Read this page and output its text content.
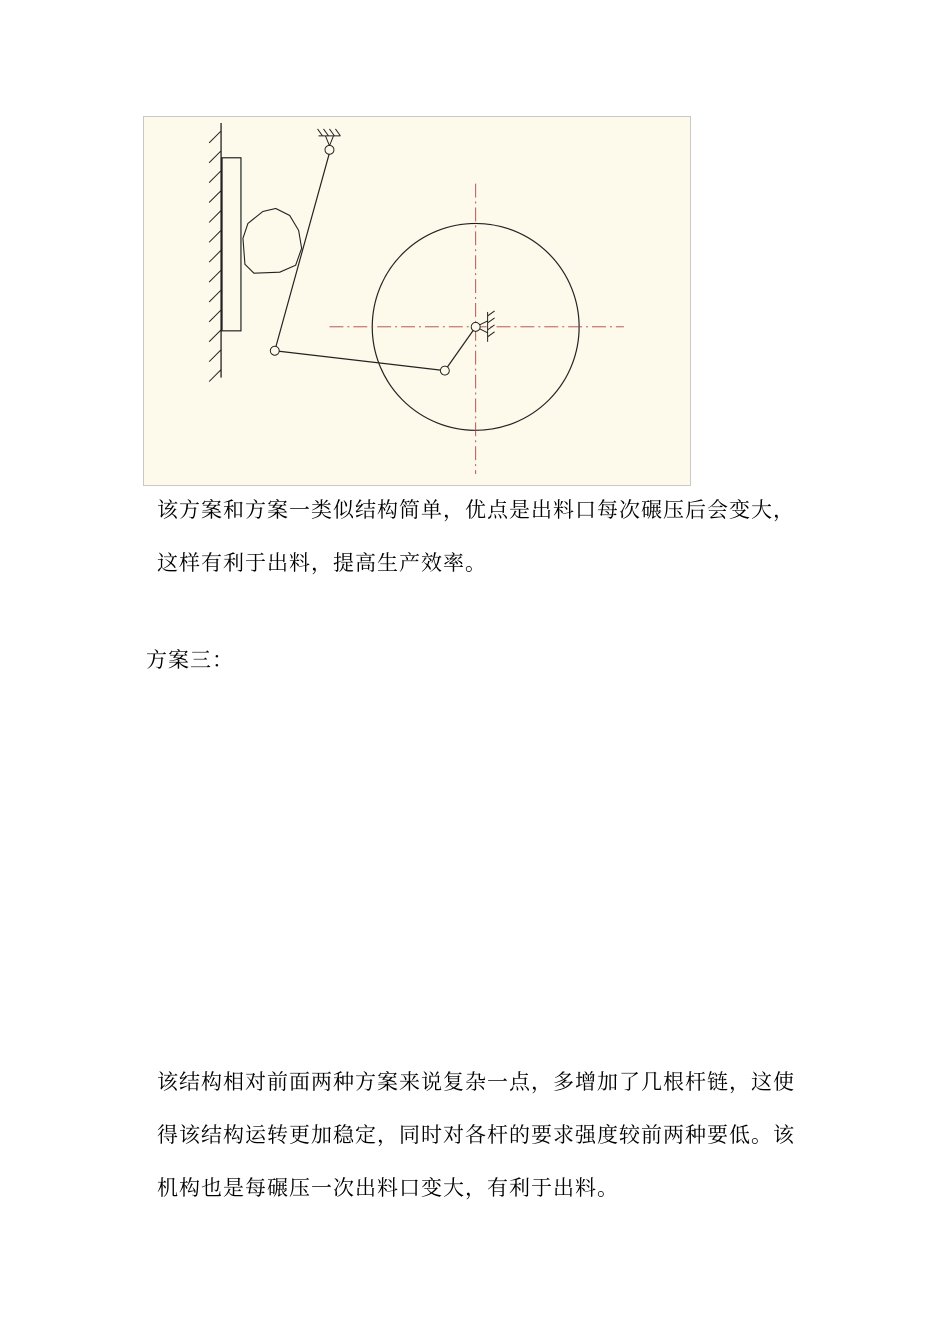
该方案和方案一类似结构简单，优点是出料口每次碾压后会变大，
这样有利于出料，提高生产效率。
方案三：
该结构相对前面两种方案来说复杂一点，多增加了几根杆链，这使
得该结构运转更加稳定，同时对各杆的要求强度较前两种要低。该
机构也是每碾压一次出料口变大，有利于出料。
